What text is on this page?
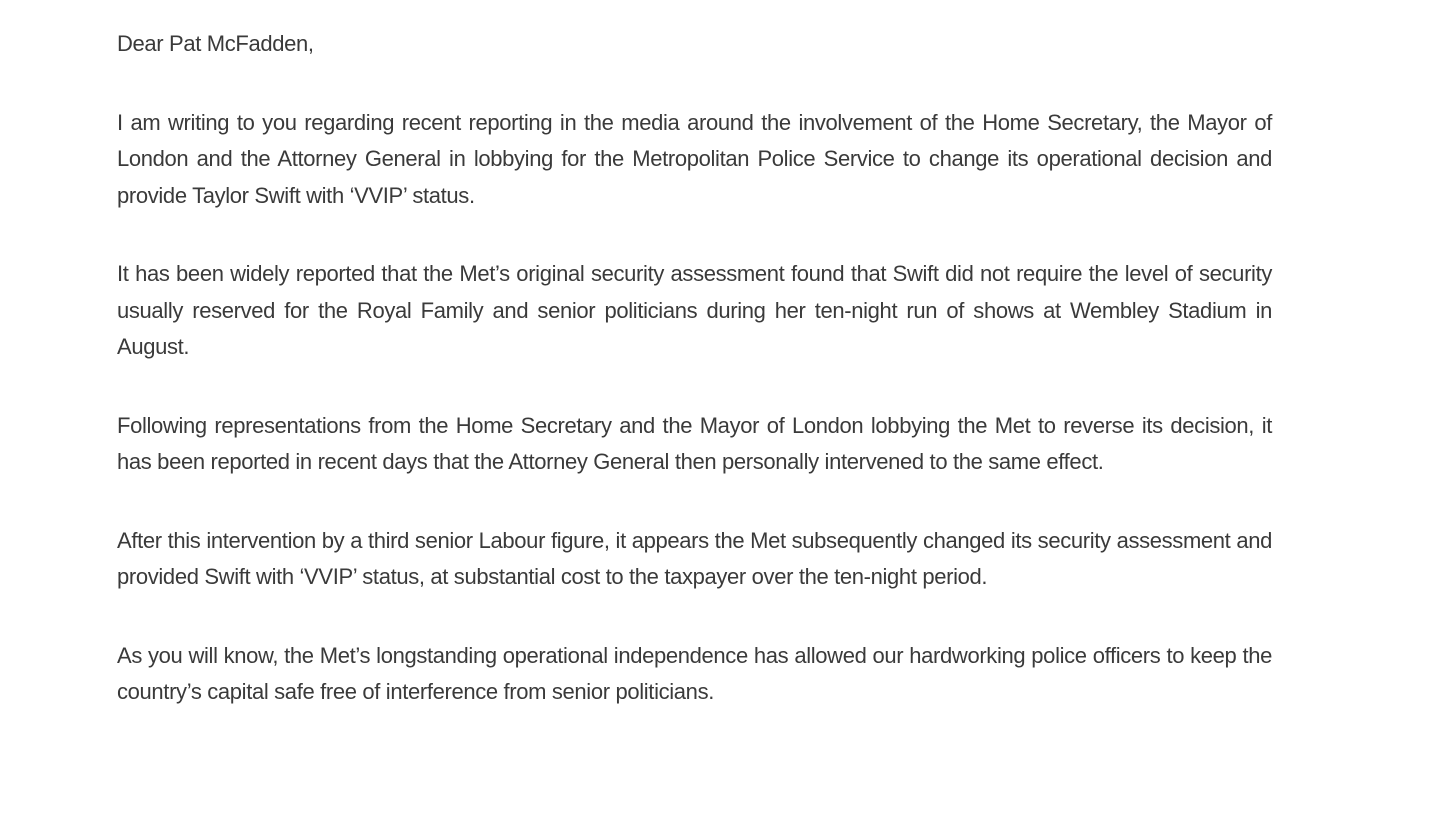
Dear Pat McFadden,

I am writing to you regarding recent reporting in the media around the involvement of the Home Secretary, the Mayor of London and the Attorney General in lobbying for the Metropolitan Police Service to change its operational decision and provide Taylor Swift with ‘VVIP’ status.

It has been widely reported that the Met’s original security assessment found that Swift did not require the level of security usually reserved for the Royal Family and senior politicians during her ten-night run of shows at Wembley Stadium in August.

Following representations from the Home Secretary and the Mayor of London lobbying the Met to reverse its decision, it has been reported in recent days that the Attorney General then personally intervened to the same effect.

After this intervention by a third senior Labour figure, it appears the Met subsequently changed its security assessment and provided Swift with ‘VVIP’ status, at substantial cost to the taxpayer over the ten-night period.

As you will know, the Met’s longstanding operational independence has allowed our hardworking police officers to keep the country’s capital safe free of interference from senior politicians.
